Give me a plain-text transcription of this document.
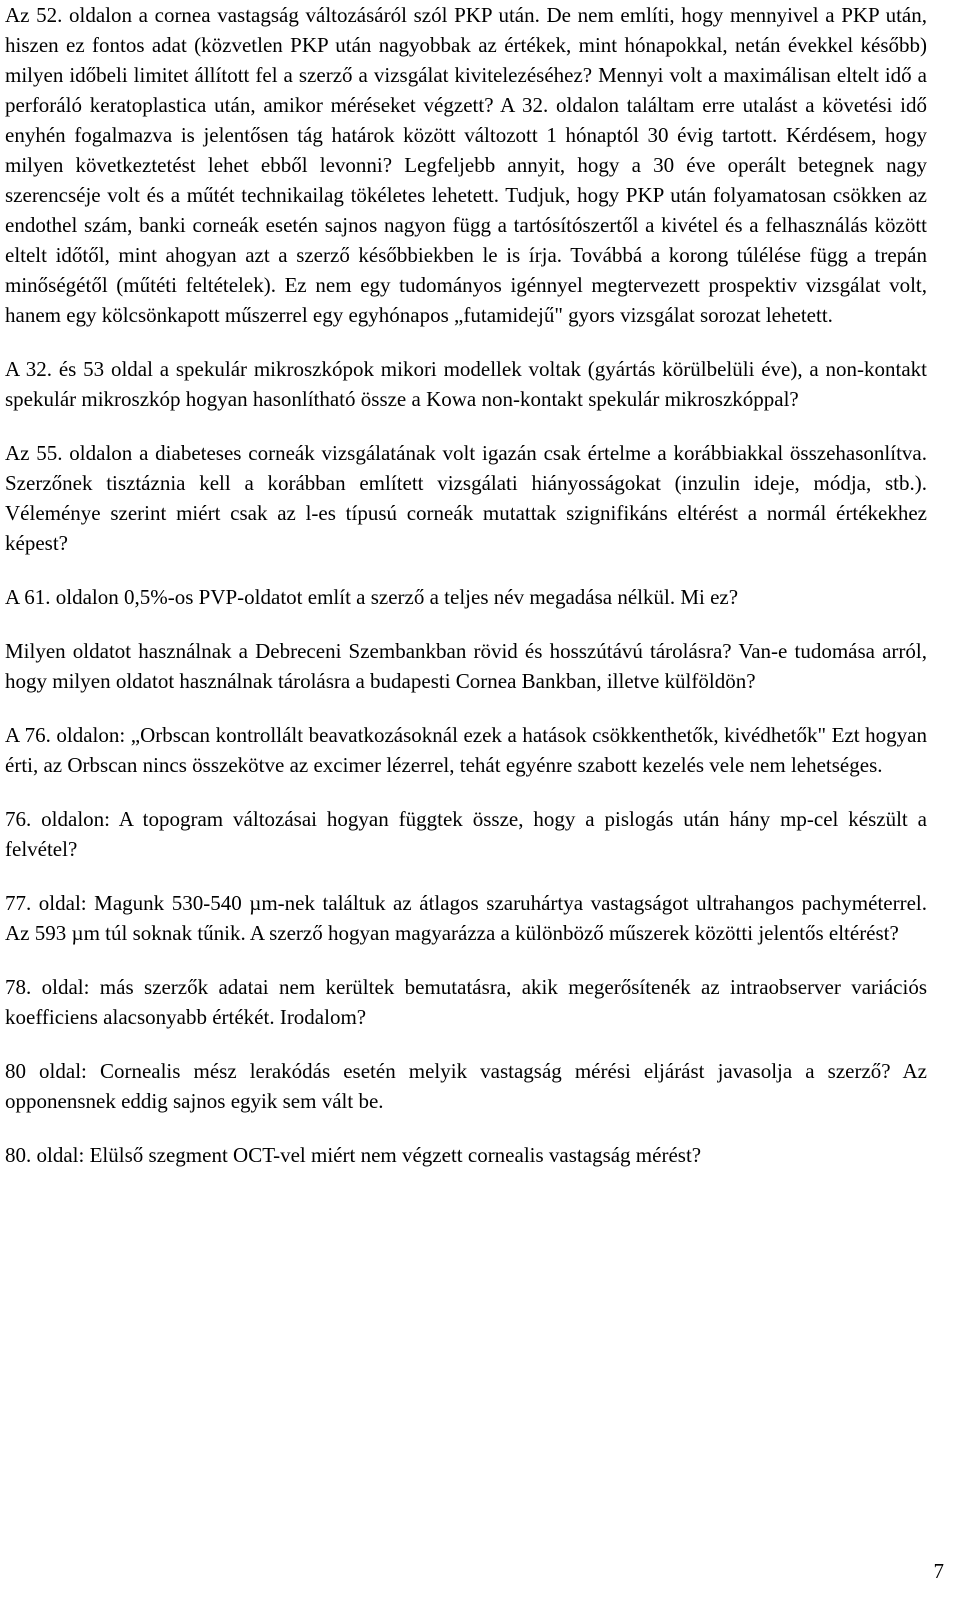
Az 52. oldalon a cornea vastagság változásáról szól PKP után. De nem említi, hogy mennyivel a PKP után, hiszen ez fontos adat (közvetlen PKP után nagyobbak az értékek, mint hónapokkal, netán évekkel később) milyen időbeli limitet állított fel a szerző a vizsgálat kivitelezéséhez? Mennyi volt a maximálisan eltelt idő a perforáló keratoplastica után, amikor méréseket végzett? A 32. oldalon találtam erre utalást a követési idő enyhén fogalmazva is jelentősen tág határok között változott 1 hónaptól 30 évig tartott. Kérdésem, hogy milyen következtetést lehet ebből levonni? Legfeljebb annyit, hogy a 30 éve operált betegnek nagy szerencséje volt és a műtét technikailag tökéletes lehetett. Tudjuk, hogy PKP után folyamatosan csökken az endothel szám, banki corneák esetén sajnos nagyon függ a tartósítószertől a kivétel és a felhasználás között eltelt időtől, mint ahogyan azt a szerző későbbiekben le is írja. Továbbá a korong túlélése függ a trepán minőségétől (műtéti feltételek). Ez nem egy tudományos igénnyel megtervezett prospektiv vizsgálat volt, hanem egy kölcsönkapott műszerrel egy egyhónapos „futamidejű" gyors vizsgálat sorozat lehetett.

A 32. és 53 oldal a spekulár mikroszkópok mikori modellek voltak (gyártás körülbelüli éve), a non-kontakt spekulár mikroszkóp hogyan hasonlítható össze a Kowa non-kontakt spekulár mikroszkóppal?

Az 55. oldalon a diabeteses corneák vizsgálatának volt igazán csak értelme a korábbiakkal összehasonlítva. Szerzőnek tisztáznia kell a korábban említett vizsgálati hiányosságokat (inzulin ideje, módja, stb.). Véleménye szerint miért csak az l-es típusú corneák mutattak szignifikáns eltérést a normál értékekhez képest?

A 61. oldalon 0,5%-os PVP-oldatot említ a szerző a teljes név megadása nélkül. Mi ez?

Milyen oldatot használnak a Debreceni Szembankban rövid és hosszútávú tárolásra? Van-e tudomása arról, hogy milyen oldatot használnak tárolásra a budapesti Cornea Bankban, illetve külföldön?

A 76. oldalon: „Orbscan kontrollált beavatkozásoknál ezek a hatások csökkenthetők, kivédhetők" Ezt hogyan érti, az Orbscan nincs összekötve az excimer lézerrel, tehát egyénre szabott kezelés vele nem lehetséges.

76. oldalon: A topogram változásai hogyan függtek össze, hogy a pislogás után hány mp-cel készült a felvétel?

77. oldal: Magunk 530-540 µm-nek találtuk az átlagos szaruhártya vastagságot ultrahangos pachyméterrel. Az 593 µm túl soknak tűnik. A szerző hogyan magyarázza a különböző műszerek közötti jelentős eltérést?

78. oldal: más szerzők adatai nem kerültek bemutatásra, akik megerősítenék az intraobserver variációs koefficiens alacsonyabb értékét. Irodalom?

80 oldal: Cornealis mész lerakódás esetén melyik vastagság mérési eljárást javasolja a szerző? Az opponensnek eddig sajnos egyik sem vált be.

80. oldal: Elülső szegment OCT-vel miért nem végzett cornealis vastagság mérést?

7
